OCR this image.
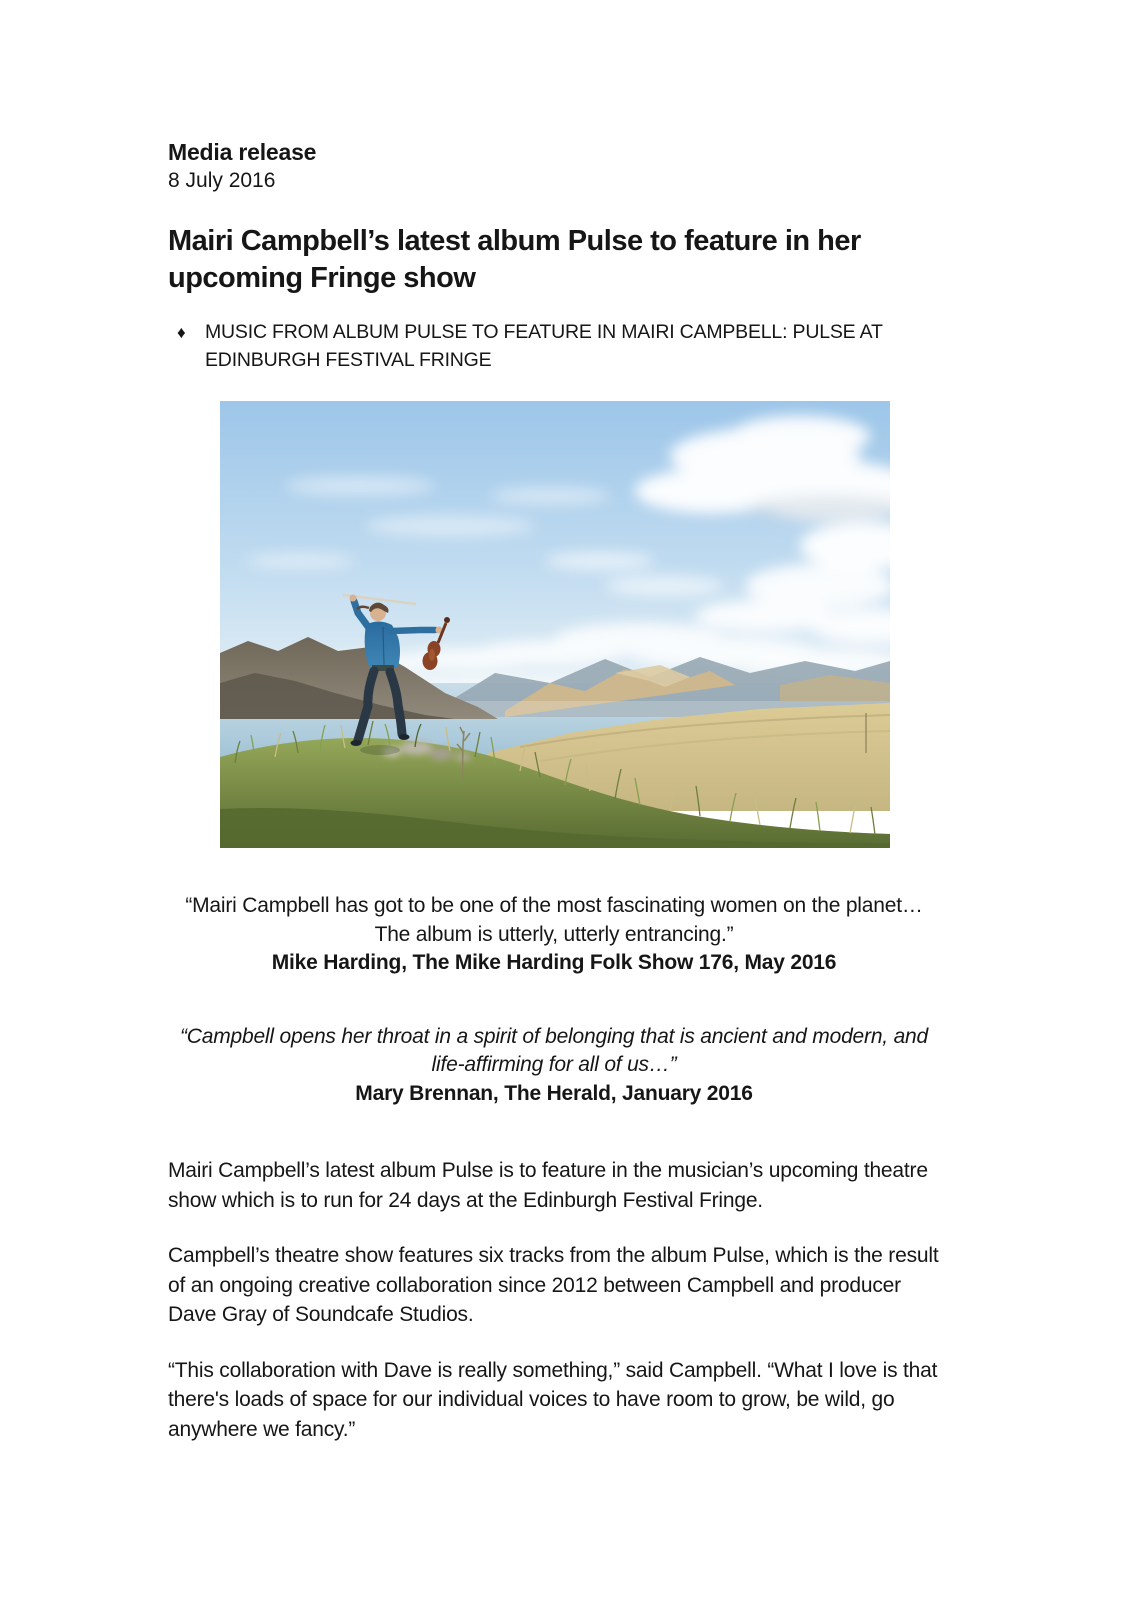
Media release
8 July 2016
Mairi Campbell’s latest album Pulse to feature in her upcoming Fringe show
♦ MUSIC FROM ALBUM PULSE TO FEATURE IN MAIRI CAMPBELL: PULSE AT EDINBURGH FESTIVAL FRINGE
“Mairi Campbell has got to be one of the most fascinating women on the planet… The album is utterly, utterly entrancing.”
Mike Harding, The Mike Harding Folk Show 176, May 2016
“Campbell opens her throat in a spirit of belonging that is ancient and modern, and life-affirming for all of us…”
Mary Brennan, The Herald, January 2016

Mairi Campbell’s latest album Pulse is to feature in the musician’s upcoming theatre show which is to run for 24 days at the Edinburgh Festival Fringe.

Campbell’s theatre show features six tracks from the album Pulse, which is the result of an ongoing creative collaboration since 2012 between Campbell and producer Dave Gray of Soundcafe Studios.

“This collaboration with Dave is really something,” said Campbell. “What I love is that there's loads of space for our individual voices to have room to grow, be wild, go anywhere we fancy.”
